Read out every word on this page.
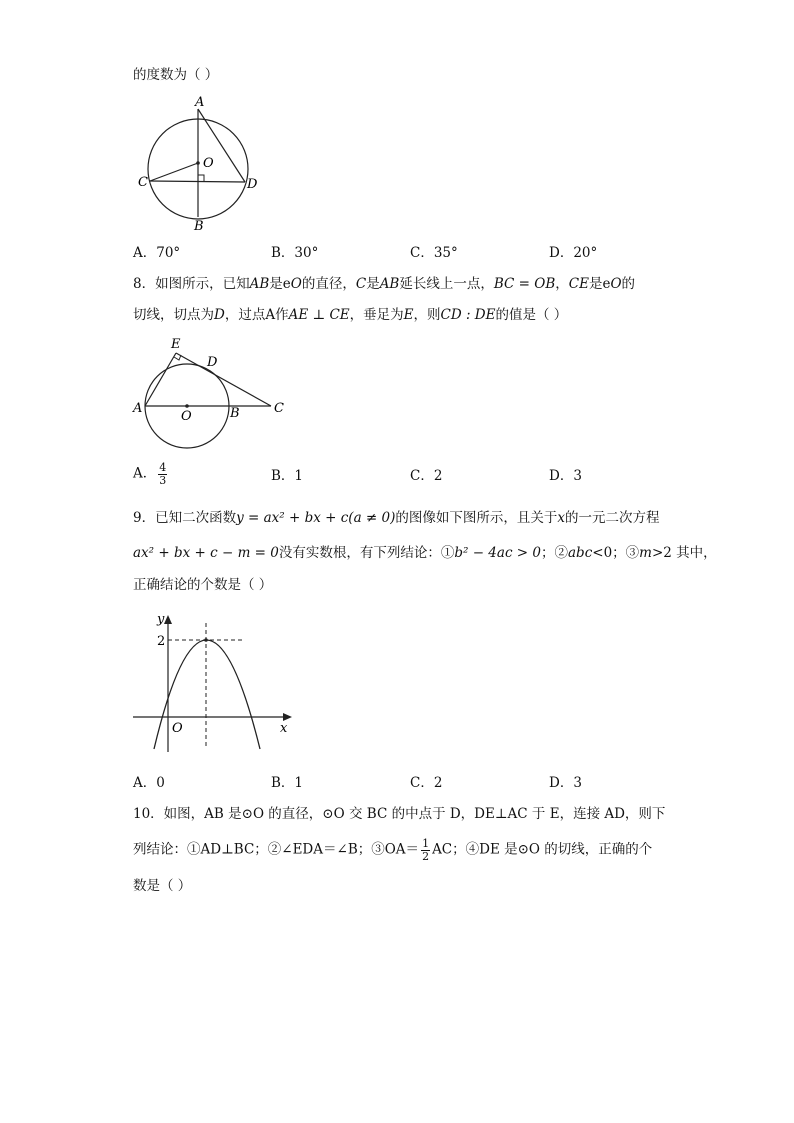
的度数为（ ）
A
O
C	D
B
A．70°	B．30°	C．35°	D．20°
8．如图所示，已知AB是eO的直径，C是AB延长线上一点，BC = OB，CE是eO的
切线，切点为D，过点A作AE ⊥ CE，垂足为E，则CD : DE的值是（ ）
E
D
A
O	B	C
A． $\frac{4}{3}$	B．1	C．2	D．3
9．已知二次函数y = ax² + bx + c(a ≠ 0)的图像如下图所示，且关于x的一元二次方程
ax² + bx + c − m = 0没有实数根，有下列结论：①b² − 4ac > 0；②abc<0；③m>2 其中，
正确结论的个数是（ ）
y
2
O	x
A．0	B．1	C．2	D．3
10．如图，AB 是⊙O 的直径，⊙O 交 BC 的中点于 D，DE⊥AC 于 E，连接 AD，则下
列结论：①AD⊥BC；②∠EDA＝∠B；③OA＝ $\frac{1}{2}$ AC；④DE 是⊙O 的切线，正确的个
数是（ ）
